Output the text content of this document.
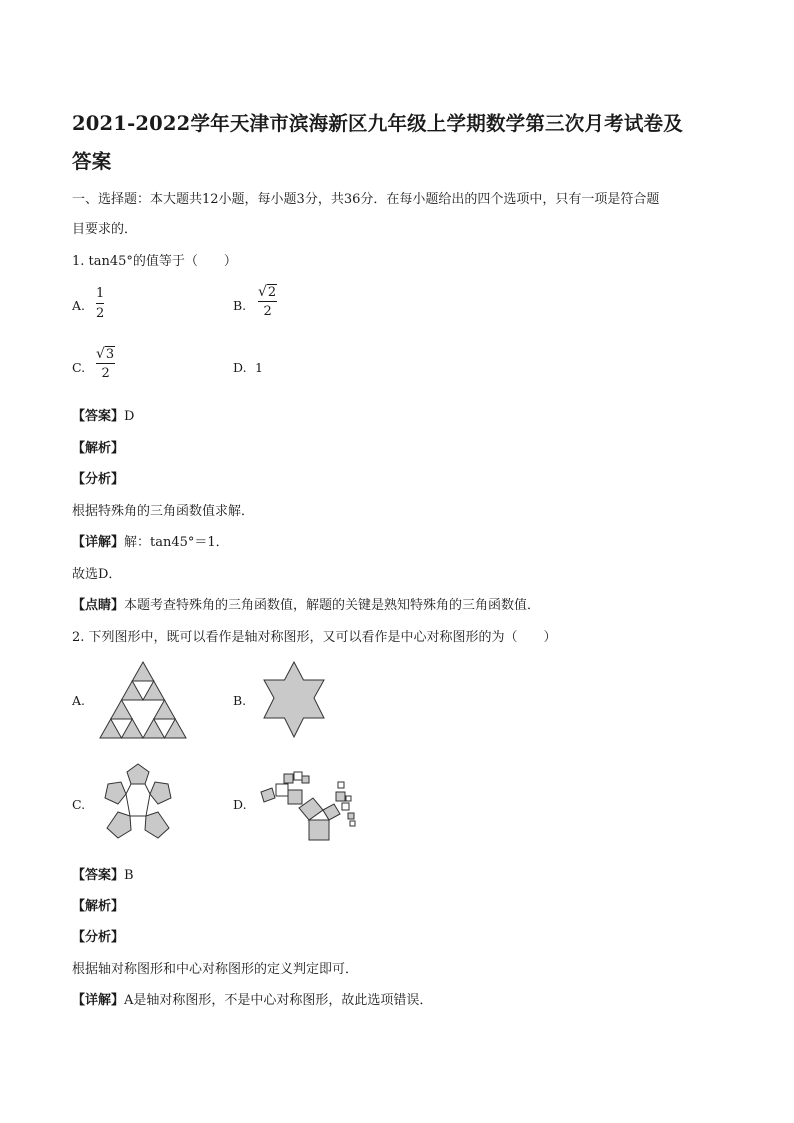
2021-2022学年天津市滨海新区九年级上学期数学第三次月考试卷及
答案
一、选择题：本大题共12小题，每小题3分，共36分．在每小题给出的四个选项中，只有一项是符合题
目要求的．
1. tan45°的值等于（　　）
A.
1
2
B.
√ 2
2
C.
√ 3
2	D. 1
【答案】D
【解析】
【分析】
根据特殊角的三角函数值求解．
【详解】解：tan45°＝1．
故选D．
【点睛】本题考查特殊角的三角函数值，解题的关键是熟知特殊角的三角函数值．
2. 下列图形中，既可以看作是轴对称图形，又可以看作是中心对称图形的为（　　）
A.	B.
C.	D.
【答案】B
【解析】
【分析】
根据轴对称图形和中心对称图形的定义判定即可．
【详解】A是轴对称图形，不是中心对称图形，故此选项错误．
